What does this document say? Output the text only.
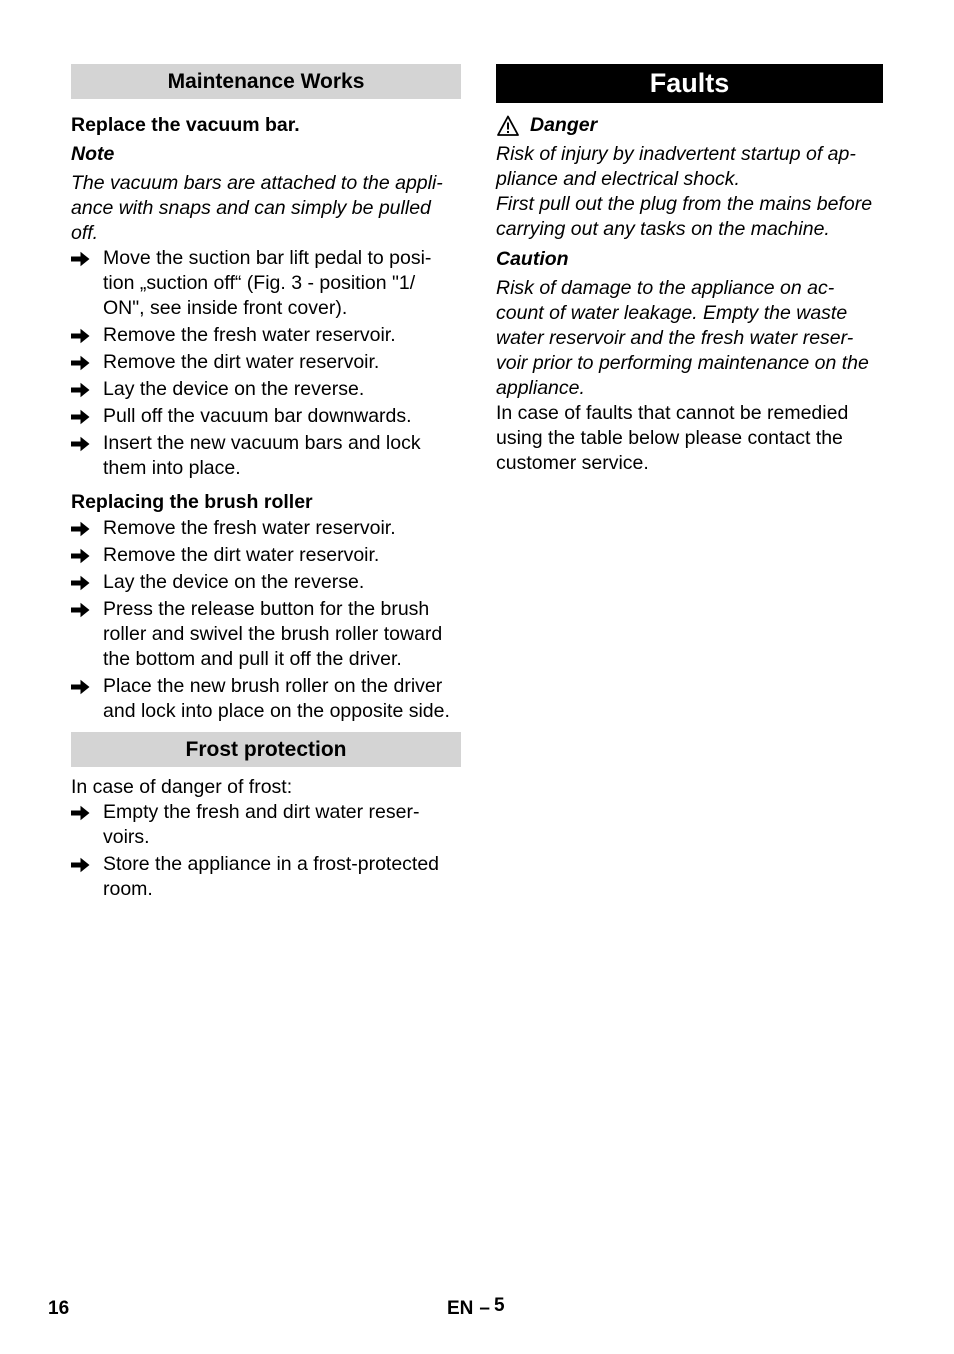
Maintenance Works
Replace the vacuum bar.
Note
The vacuum bars are attached to the appli-
ance with snaps and can simply be pulled
off.
Move the suction bar lift pedal to posi-
tion „suction off“ (Fig. 3 - position "1/
ON", see inside front cover).
Remove the fresh water reservoir.
Remove the dirt water reservoir.
Lay the device on the reverse.
Pull off the vacuum bar downwards.
Insert the new vacuum bars and lock
them into place.
Replacing the brush roller
Remove the fresh water reservoir.
Remove the dirt water reservoir.
Lay the device on the reverse.
Press the release button for the brush
roller and swivel the brush roller toward
the bottom and pull it off the driver.
Place the new brush roller on the driver
and lock into place on the opposite side.
Frost protection
In case of danger of frost:
Empty the fresh and dirt water reser-
voirs.
Store the appliance in a frost-protected
room.
Faults
Danger
Risk of injury by inadvertent startup of ap-
pliance and electrical shock.
First pull out the plug from the mains before
carrying out any tasks on the machine.
Caution
Risk of damage to the appliance on ac-
count of water leakage. Empty the waste
water reservoir and the fresh water reser-
voir prior to performing maintenance on the
appliance.
In case of faults that cannot be remedied
using the table below please contact the
customer service.
16	EN – 5
